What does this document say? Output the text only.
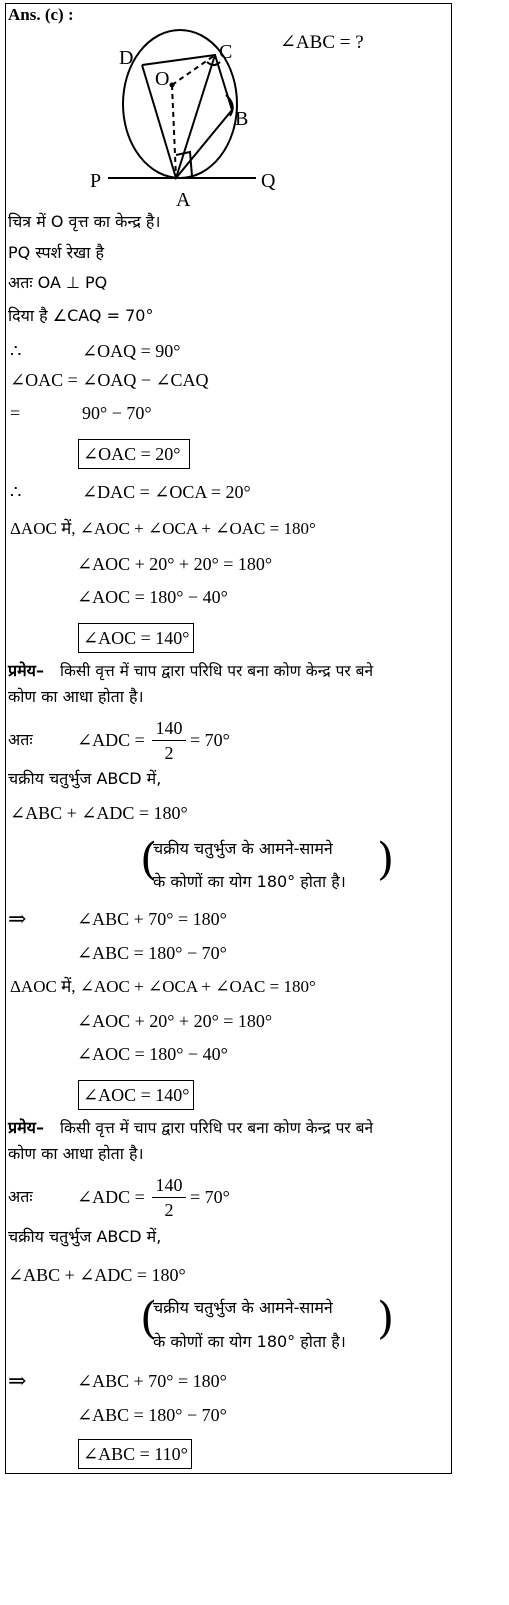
Ans. (c) :
∠ABC = ?
D	C
O
B
P	Q
A
चित्र में O वृत्त का केन्द्र है।
PQ स्पर्श रेखा है
अतः OA ⊥ PQ
दिया है ∠CAQ = 70°
∴	∠OAQ = 90°
∠OAC = ∠OAQ − ∠CAQ
=	90° − 70°
∠OAC = 20°
∴	∠DAC = ∠OCA = 20°
ΔAOC में, ∠AOC + ∠OCA + ∠OAC = 180°
∠AOC + 20° + 20° = 180°
∠AOC = 180° − 40°
∠AOC = 140°
प्रमेय– किसी वृत्त में चाप द्वारा परिधि पर बना कोण केन्द्र पर बने
कोण का आधा होता है।
अतः ∠ADC =
140
2
= 70°
चक्रीय चतुर्भुज ABCD में,
∠ABC + ∠ADC = 180°
(
चक्रीय चतुर्भुज के आमने-सामने
के कोणों का योग 180° होता है। )
⇒	∠ABC + 70° = 180°
∠ABC = 180° − 70°
ΔAOC में, ∠AOC + ∠OCA + ∠OAC = 180°
∠AOC + 20° + 20° = 180°
∠AOC = 180° − 40°
∠AOC = 140°
प्रमेय– किसी वृत्त में चाप द्वारा परिधि पर बना कोण केन्द्र पर बने
कोण का आधा होता है।
अतः ∠ADC =
140
2
= 70°
चक्रीय चतुर्भुज ABCD में,
∠ABC + ∠ADC = 180°
(
चक्रीय चतुर्भुज के आमने-सामने
के कोणों का योग 180° होता है। )
⇒	∠ABC + 70° = 180°
∠ABC = 180° − 70°
∠ABC = 110°
